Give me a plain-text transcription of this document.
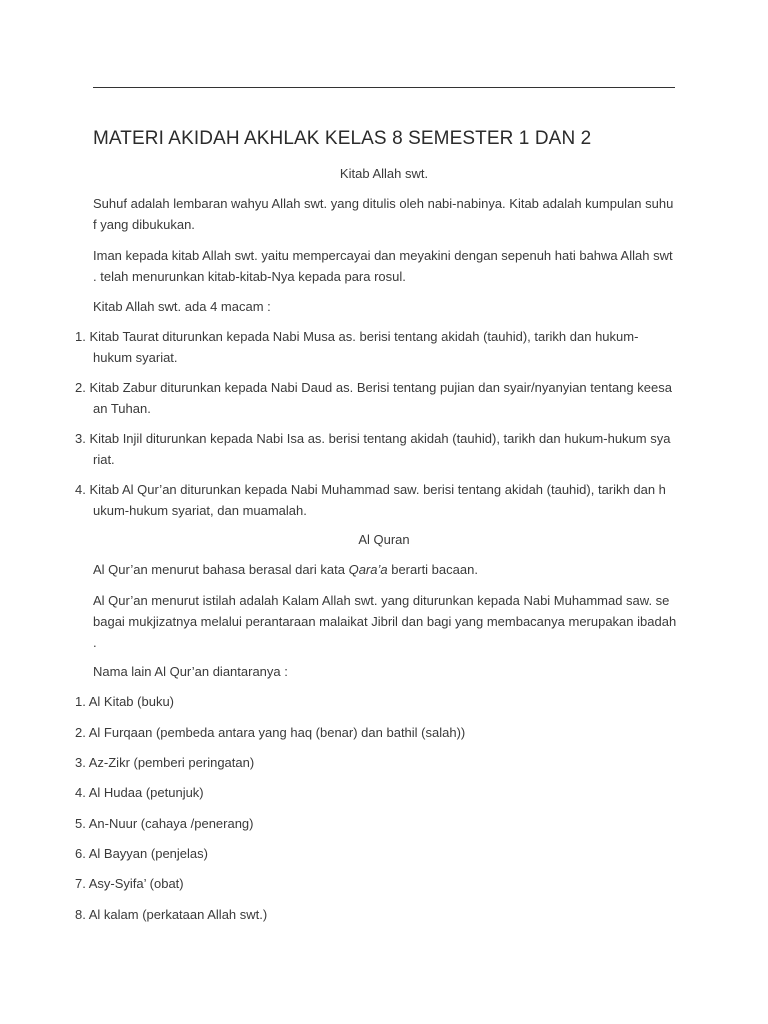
MATERI AKIDAH AKHLAK KELAS 8 SEMESTER 1 DAN 2
Kitab Allah swt.
Suhuf adalah lembaran wahyu Allah swt. yang ditulis oleh nabi-nabinya. Kitab adalah kumpulan suhu
f yang dibukukan.
Iman kepada kitab Allah swt. yaitu mempercayai dan meyakini dengan sepenuh hati bahwa Allah swt
. telah menurunkan kitab-kitab-Nya kepada para rosul.
Kitab Allah swt. ada 4 macam :
1. Kitab Taurat diturunkan kepada Nabi Musa as. berisi tentang akidah (tauhid), tarikh dan hukum-
hukum syariat.
2. Kitab Zabur diturunkan kepada Nabi Daud as. Berisi tentang pujian dan syair/nyanyian tentang keesa
an Tuhan.
3. Kitab Injil diturunkan kepada Nabi Isa as. berisi tentang akidah (tauhid), tarikh dan hukum-hukum sya
riat.
4. Kitab Al Qur’an diturunkan kepada Nabi Muhammad saw. berisi tentang akidah (tauhid), tarikh dan h
ukum-hukum syariat, dan muamalah.
Al Quran
Al Qur’an menurut bahasa berasal dari kata Qara’a berarti bacaan.
Al Qur’an menurut istilah adalah Kalam Allah swt. yang diturunkan kepada Nabi Muhammad saw. se
bagai mukjizatnya melalui perantaraan malaikat Jibril dan bagi yang membacanya merupakan ibadah
.
Nama lain Al Qur’an diantaranya :
1. Al Kitab (buku)
2. Al Furqaan (pembeda antara yang haq (benar) dan bathil (salah))
3. Az-Zikr (pemberi peringatan)
4. Al Hudaa (petunjuk)
5. An-Nuur (cahaya /penerang)
6. Al Bayyan (penjelas)
7. Asy-Syifa’ (obat)
8. Al kalam (perkataan Allah swt.)
